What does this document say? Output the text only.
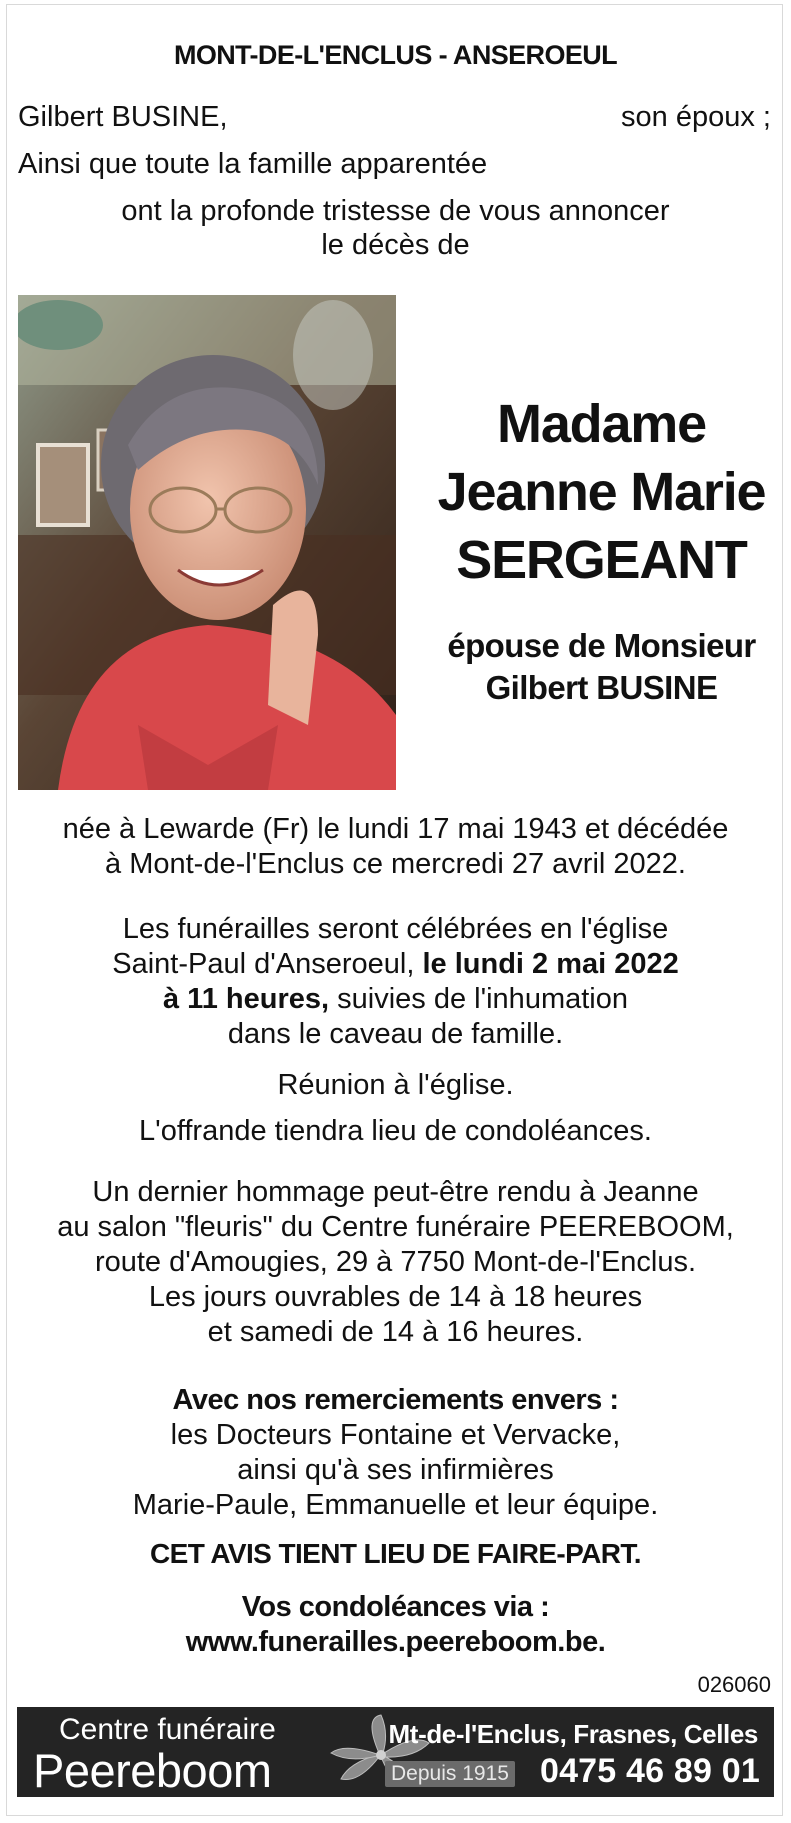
MONT-DE-L'ENCLUS - ANSEROEUL
Gilbert BUSINE,	son époux ;
Ainsi que toute la famille apparentée
ont la profonde tristesse de vous annoncer
le décès de
Madame
Jeanne Marie
SERGEANT
épouse de Monsieur
Gilbert BUSINE
née à Lewarde (Fr) le lundi 17 mai 1943 et décédée
à Mont-de-l'Enclus ce mercredi 27 avril 2022.
Les funérailles seront célébrées en l'église
Saint-Paul d'Anseroeul, le lundi 2 mai 2022
à 11 heures, suivies de l'inhumation
dans le caveau de famille.
Réunion à l'église.
L'offrande tiendra lieu de condoléances.
Un dernier hommage peut-être rendu à Jeanne
au salon "fleuris" du Centre funéraire PEEREBOOM,
route d'Amougies, 29 à 7750 Mont-de-l'Enclus.
Les jours ouvrables de 14 à 18 heures
et samedi de 14 à 16 heures.
Avec nos remerciements envers :
les Docteurs Fontaine et Vervacke,
ainsi qu'à ses infirmières
Marie-Paule, Emmanuelle et leur équipe.
CET AVIS TIENT LIEU DE FAIRE-PART.
Vos condoléances via :
www.funerailles.peereboom.be.
026060
Centre funéraire
Peereboom
Mt-de-l'Enclus, Frasnes, Celles
Depuis 1915 0475 46 89 01
